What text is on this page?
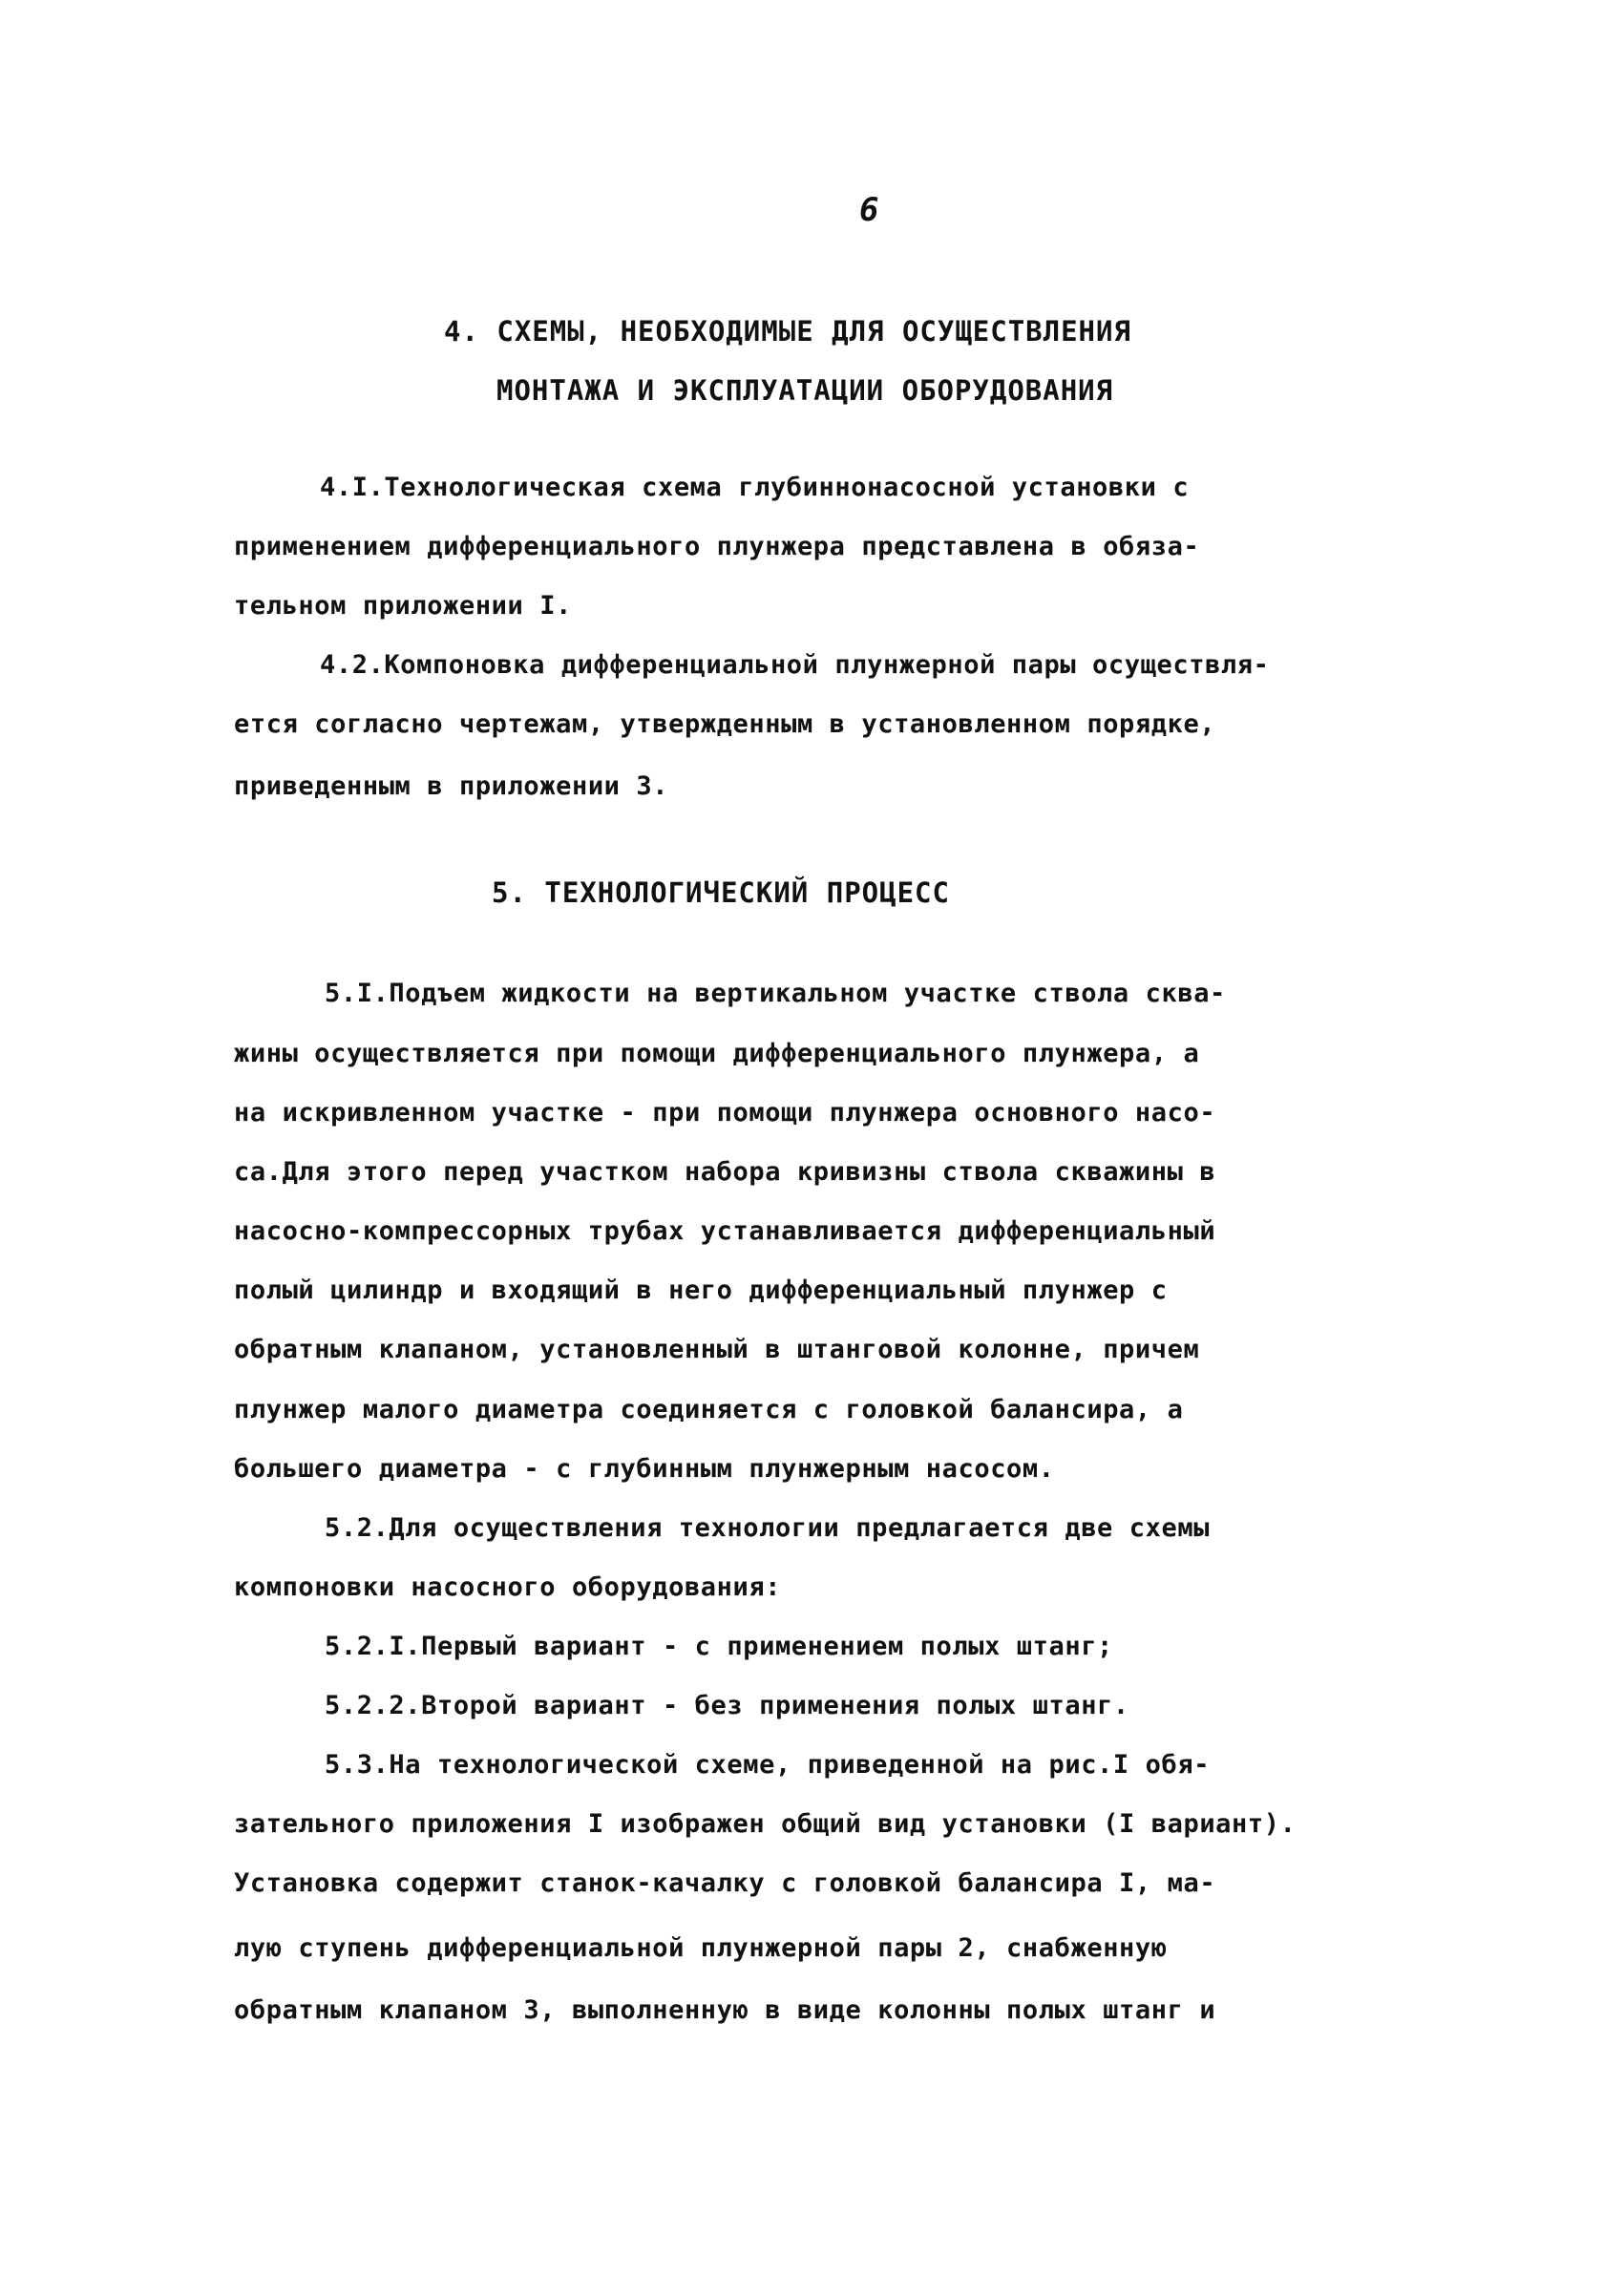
6
4. СХЕМЫ, НЕОБХОДИМЫЕ ДЛЯ ОСУЩЕСТВЛЕНИЯ
МОНТАЖА И ЭКСПЛУАТАЦИИ ОБОРУДОВАНИЯ
4.I.Технологическая схема глубиннонасосной установки с
применением дифференциального плунжера представлена в обяза-
тельном приложении I.
4.2.Компоновка дифференциальной плунжерной пары осуществля-
ется согласно чертежам, утвержденным в установленном порядке,
приведенным в приложении 3.
5. ТЕХНОЛОГИЧЕСКИЙ ПРОЦЕСС
5.I.Подъем жидкости на вертикальном участке ствола сква-
жины осуществляется при помощи дифференциального плунжера, а
на искривленном участке - при помощи плунжера основного насо-
са.Для этого перед участком набора кривизны ствола скважины в
насосно-компрессорных трубах устанавливается дифференциальный
полый цилиндр и входящий в него дифференциальный плунжер с
обратным клапаном, установленный в штанговой колонне, причем
плунжер малого диаметра соединяется с головкой балансира, а
большего диаметра - с глубинным плунжерным насосом.
5.2.Для осуществления технологии предлагается две схемы
компоновки насосного оборудования:
5.2.I.Первый вариант - с применением полых штанг;
5.2.2.Второй вариант - без применения полых штанг.
5.3.На технологической схеме, приведенной на рис.I обя-
зательного приложения I изображен общий вид установки (I вариант).
Установка содержит станок-качалку с головкой балансира I, ма-
лую ступень дифференциальной плунжерной пары 2, снабженную
обратным клапаном 3, выполненную в виде колонны полых штанг и
